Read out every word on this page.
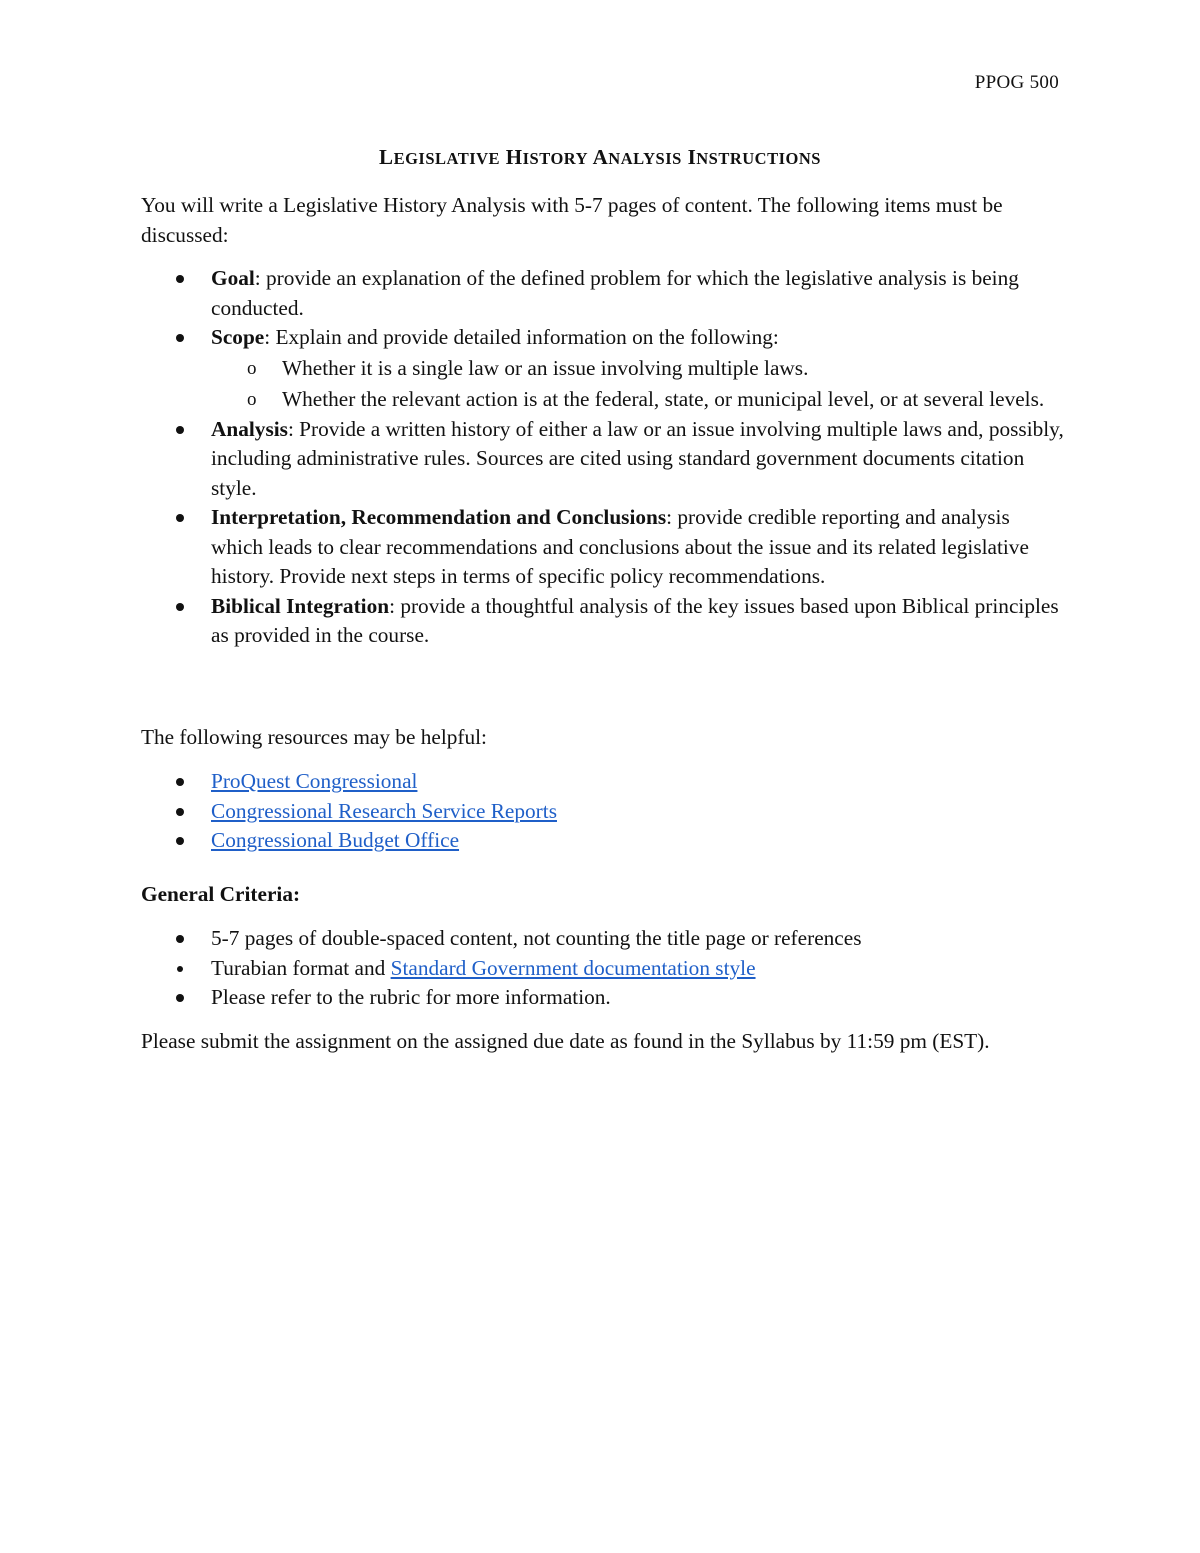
PPOG 500
LEGISLATIVE HISTORY ANALYSIS INSTRUCTIONS
You will write a Legislative History Analysis with 5-7 pages of content. The following items must be discussed:
Goal: provide an explanation of the defined problem for which the legislative analysis is being conducted.
Scope: Explain and provide detailed information on the following:
o Whether it is a single law or an issue involving multiple laws.
o Whether the relevant action is at the federal, state, or municipal level, or at several levels.
Analysis: Provide a written history of either a law or an issue involving multiple laws and, possibly, including administrative rules. Sources are cited using standard government documents citation style.
Interpretation, Recommendation and Conclusions: provide credible reporting and analysis which leads to clear recommendations and conclusions about the issue and its related legislative history. Provide next steps in terms of specific policy recommendations.
Biblical Integration: provide a thoughtful analysis of the key issues based upon Biblical principles as provided in the course.
The following resources may be helpful:
ProQuest Congressional
Congressional Research Service Reports
Congressional Budget Office
General Criteria:
5-7 pages of double-spaced content, not counting the title page or references
Turabian format and Standard Government documentation style
Please refer to the rubric for more information.
Please submit the assignment on the assigned due date as found in the Syllabus by 11:59 pm (EST).
